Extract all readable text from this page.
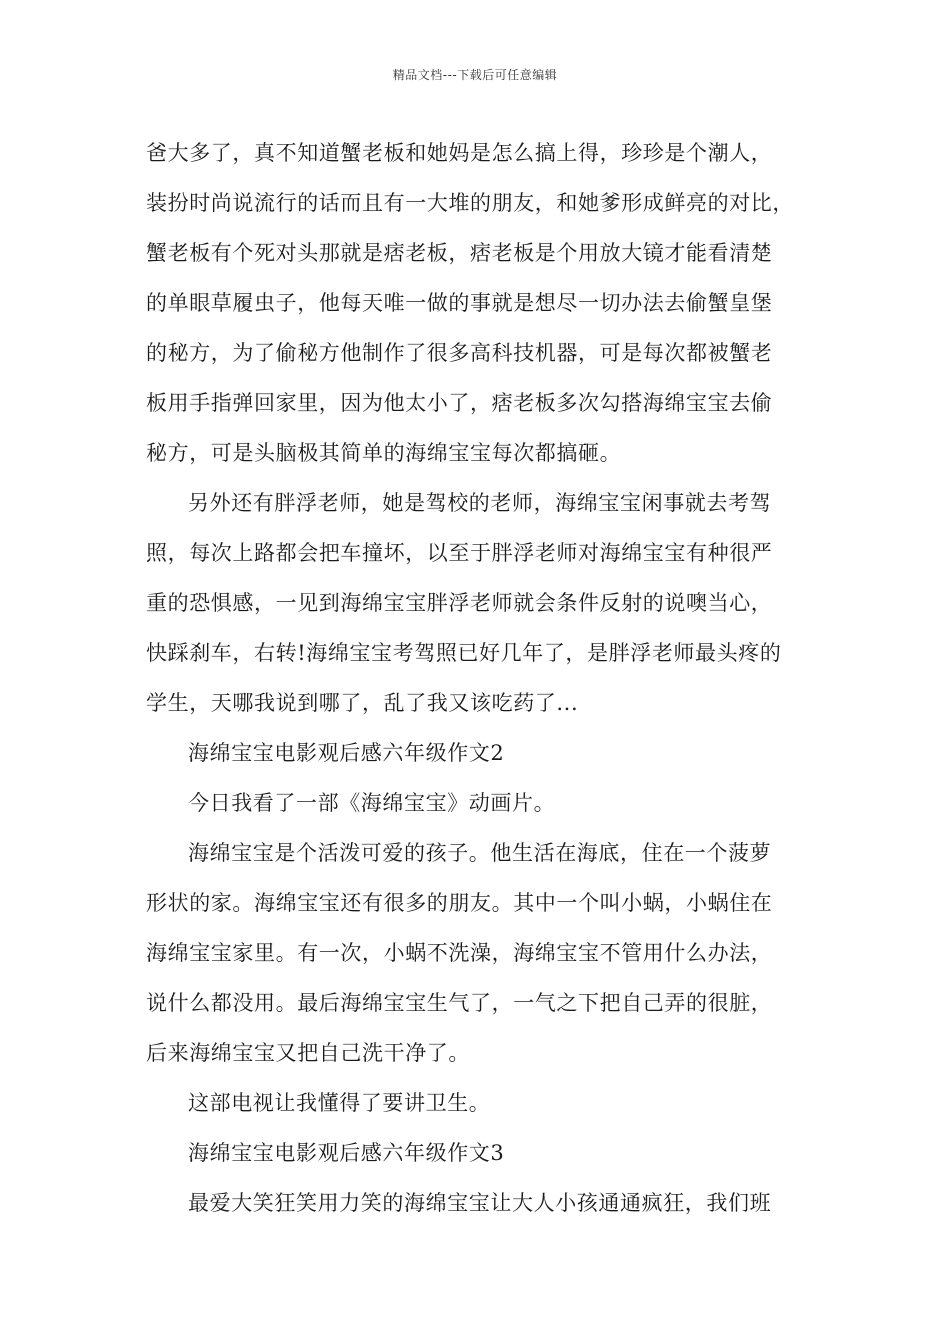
精品文档---下载后可任意编辑
爸大多了，真不知道蟹老板和她妈是怎么搞上得，珍珍是个潮人，
装扮时尚说流行的话而且有一大堆的朋友，和她爹形成鲜亮的对比，
蟹老板有个死对头那就是痞老板，痞老板是个用放大镜才能看清楚
的单眼草履虫子，他每天唯一做的事就是想尽一切办法去偷蟹皇堡
的秘方，为了偷秘方他制作了很多高科技机器，可是每次都被蟹老
板用手指弹回家里，因为他太小了，痞老板多次勾搭海绵宝宝去偷
秘方，可是头脑极其简单的海绵宝宝每次都搞砸。
另外还有胖浮老师，她是驾校的老师，海绵宝宝闲事就去考驾
照，每次上路都会把车撞坏，以至于胖浮老师对海绵宝宝有种很严
重的恐惧感，一见到海绵宝宝胖浮老师就会条件反射的说噢当心，
快踩刹车，右转!海绵宝宝考驾照已好几年了，是胖浮老师最头疼的
学生，天哪我说到哪了，乱了我又该吃药了...
海绵宝宝电影观后感六年级作文2
今日我看了一部《海绵宝宝》动画片。
海绵宝宝是个活泼可爱的孩子。他生活在海底，住在一个菠萝
形状的家。海绵宝宝还有很多的朋友。其中一个叫小蜗，小蜗住在
海绵宝宝家里。有一次，小蜗不洗澡，海绵宝宝不管用什么办法，
说什么都没用。最后海绵宝宝生气了，一气之下把自己弄的很脏，
后来海绵宝宝又把自己洗干净了。
这部电视让我懂得了要讲卫生。
海绵宝宝电影观后感六年级作文3
最爱大笑狂笑用力笑的海绵宝宝让大人小孩通通疯狂，我们班
